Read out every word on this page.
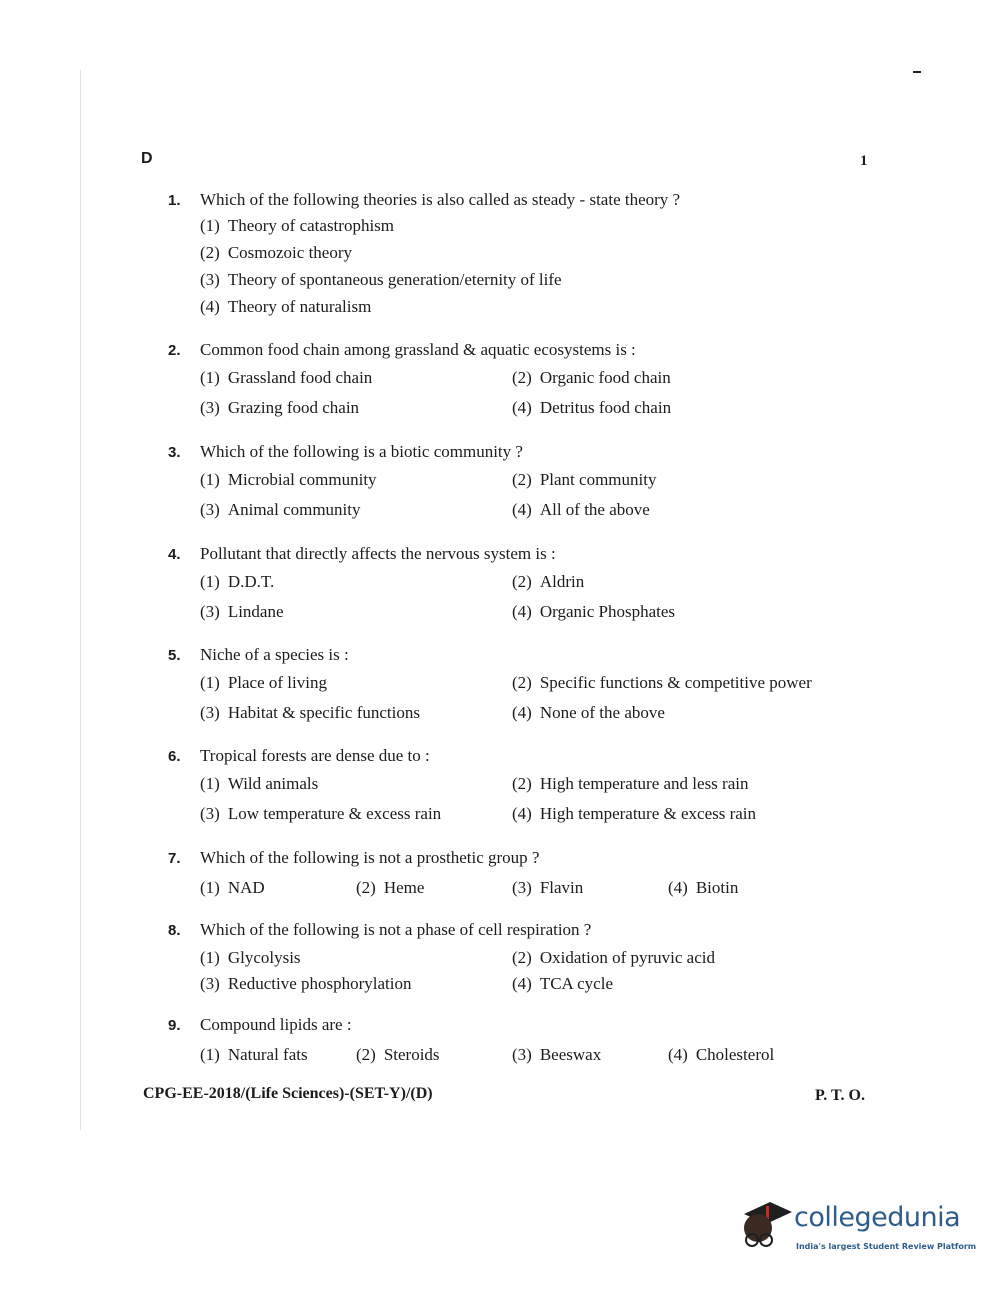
D	1
1.	Which of the following theories is also called as steady - state theory ?
(1) Theory of catastrophism
(2) Cosmozoic theory
(3) Theory of spontaneous generation/eternity of life
(4) Theory of naturalism
2.	Common food chain among grassland & aquatic ecosystems is :
(1) Grassland food chain	(2) Organic food chain
(3) Grazing food chain	(4) Detritus food chain
3.	Which of the following is a biotic community ?
(1) Microbial community	(2) Plant community
(3) Animal community	(4) All of the above
4.	Pollutant that directly affects the nervous system is :
(1) D.D.T.	(2) Aldrin
(3) Lindane	(4) Organic Phosphates
5.	Niche of a species is :
(1) Place of living	(2) Specific functions & competitive power
(3) Habitat & specific functions	(4) None of the above
6.	Tropical forests are dense due to :
(1) Wild animals	(2) High temperature and less rain
(3) Low temperature & excess rain	(4) High temperature & excess rain
7.	Which of the following is not a prosthetic group ?
(1) NAD	(2) Heme	(3) Flavin	(4) Biotin
8.	Which of the following is not a phase of cell respiration ?
(1) Glycolysis	(2) Oxidation of pyruvic acid
(3) Reductive phosphorylation	(4) TCA cycle
9.	Compound lipids are :
(1) Natural fats	(2) Steroids	(3) Beeswax	(4) Cholesterol
CPG-EE-2018/(Life Sciences)-(SET-Y)/(D)	P. T. O.
collegedunia
India's largest Student Review Platform
